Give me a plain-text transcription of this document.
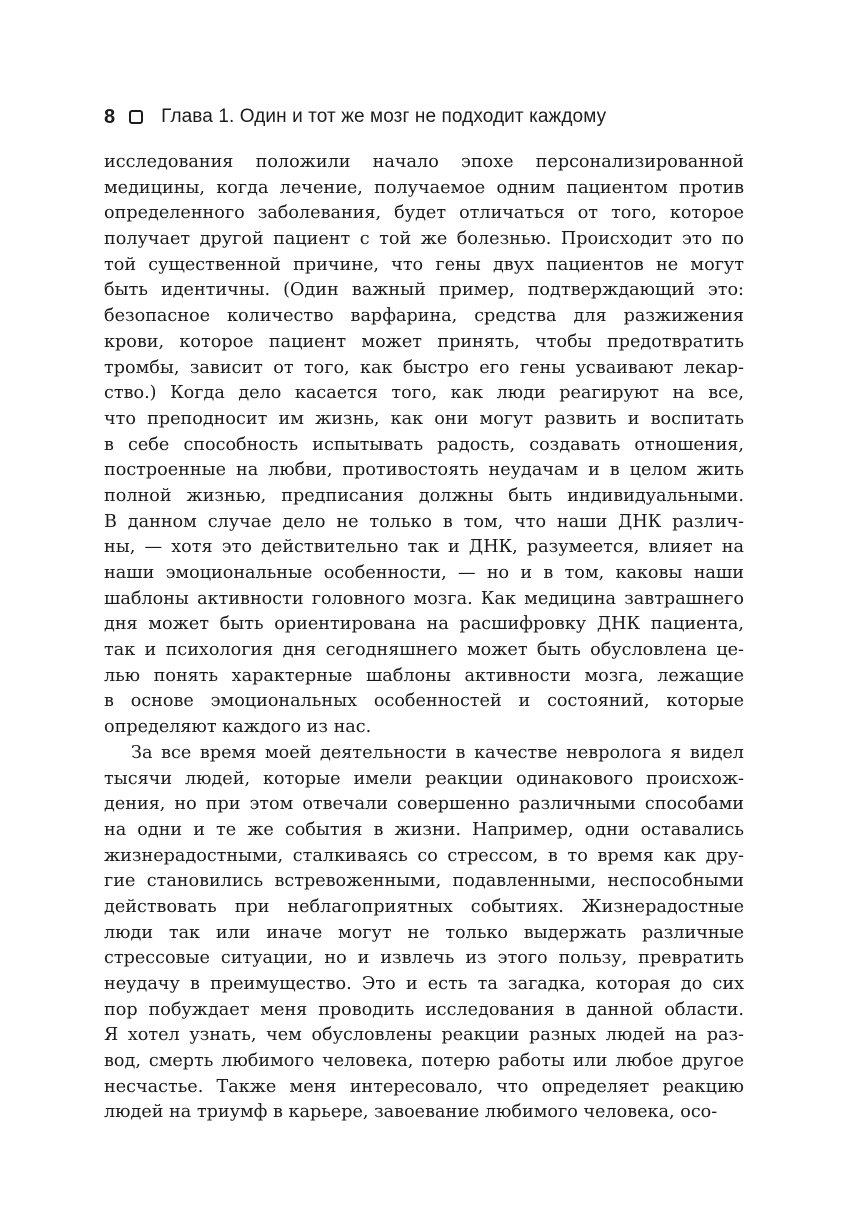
8 Глава 1. Один и тот же мозг не подходит каждому
исследования положили начало эпохе персонализированной
медицины, когда лечение, получаемое одним пациентом против
определенного заболевания, будет отличаться от того, которое
получает другой пациент с той же болезнью. Происходит это по
той существенной причине, что гены двух пациентов не могут
быть идентичны. (Один важный пример, подтверждающий это:
безопасное количество варфарина, средства для разжижения
крови, которое пациент может принять, чтобы предотвратить
тромбы, зависит от того, как быстро его гены усваивают лекар-
ство.) Когда дело касается того, как люди реагируют на все,
что преподносит им жизнь, как они могут развить и воспитать
в себе способность испытывать радость, создавать отношения,
построенные на любви, противостоять неудачам и в целом жить
полной жизнью, предписания должны быть индивидуальными.
В данном случае дело не только в том, что наши ДНК различ-
ны, — хотя это действительно так и ДНК, разумеется, влияет на
наши эмоциональные особенности, — но и в том, каковы наши
шаблоны активности головного мозга. Как медицина завтрашнего
дня может быть ориентирована на расшифровку ДНК пациента,
так и психология дня сегодняшнего может быть обусловлена це-
лью понять характерные шаблоны активности мозга, лежащие
в основе эмоциональных особенностей и состояний, которые
определяют каждого из нас.
За все время моей деятельности в качестве невролога я видел
тысячи людей, которые имели реакции одинакового происхож-
дения, но при этом отвечали совершенно различными способами
на одни и те же события в жизни. Например, одни оставались
жизнерадостными, сталкиваясь со стрессом, в то время как дру-
гие становились встревоженными, подавленными, неспособными
действовать при неблагоприятных событиях. Жизнерадостные
люди так или иначе могут не только выдержать различные
стрессовые ситуации, но и извлечь из этого пользу, превратить
неудачу в преимущество. Это и есть та загадка, которая до сих
пор побуждает меня проводить исследования в данной области.
Я хотел узнать, чем обусловлены реакции разных людей на раз-
вод, смерть любимого человека, потерю работы или любое другое
несчастье. Также меня интересовало, что определяет реакцию
людей на триумф в карьере, завоевание любимого человека, осо-
